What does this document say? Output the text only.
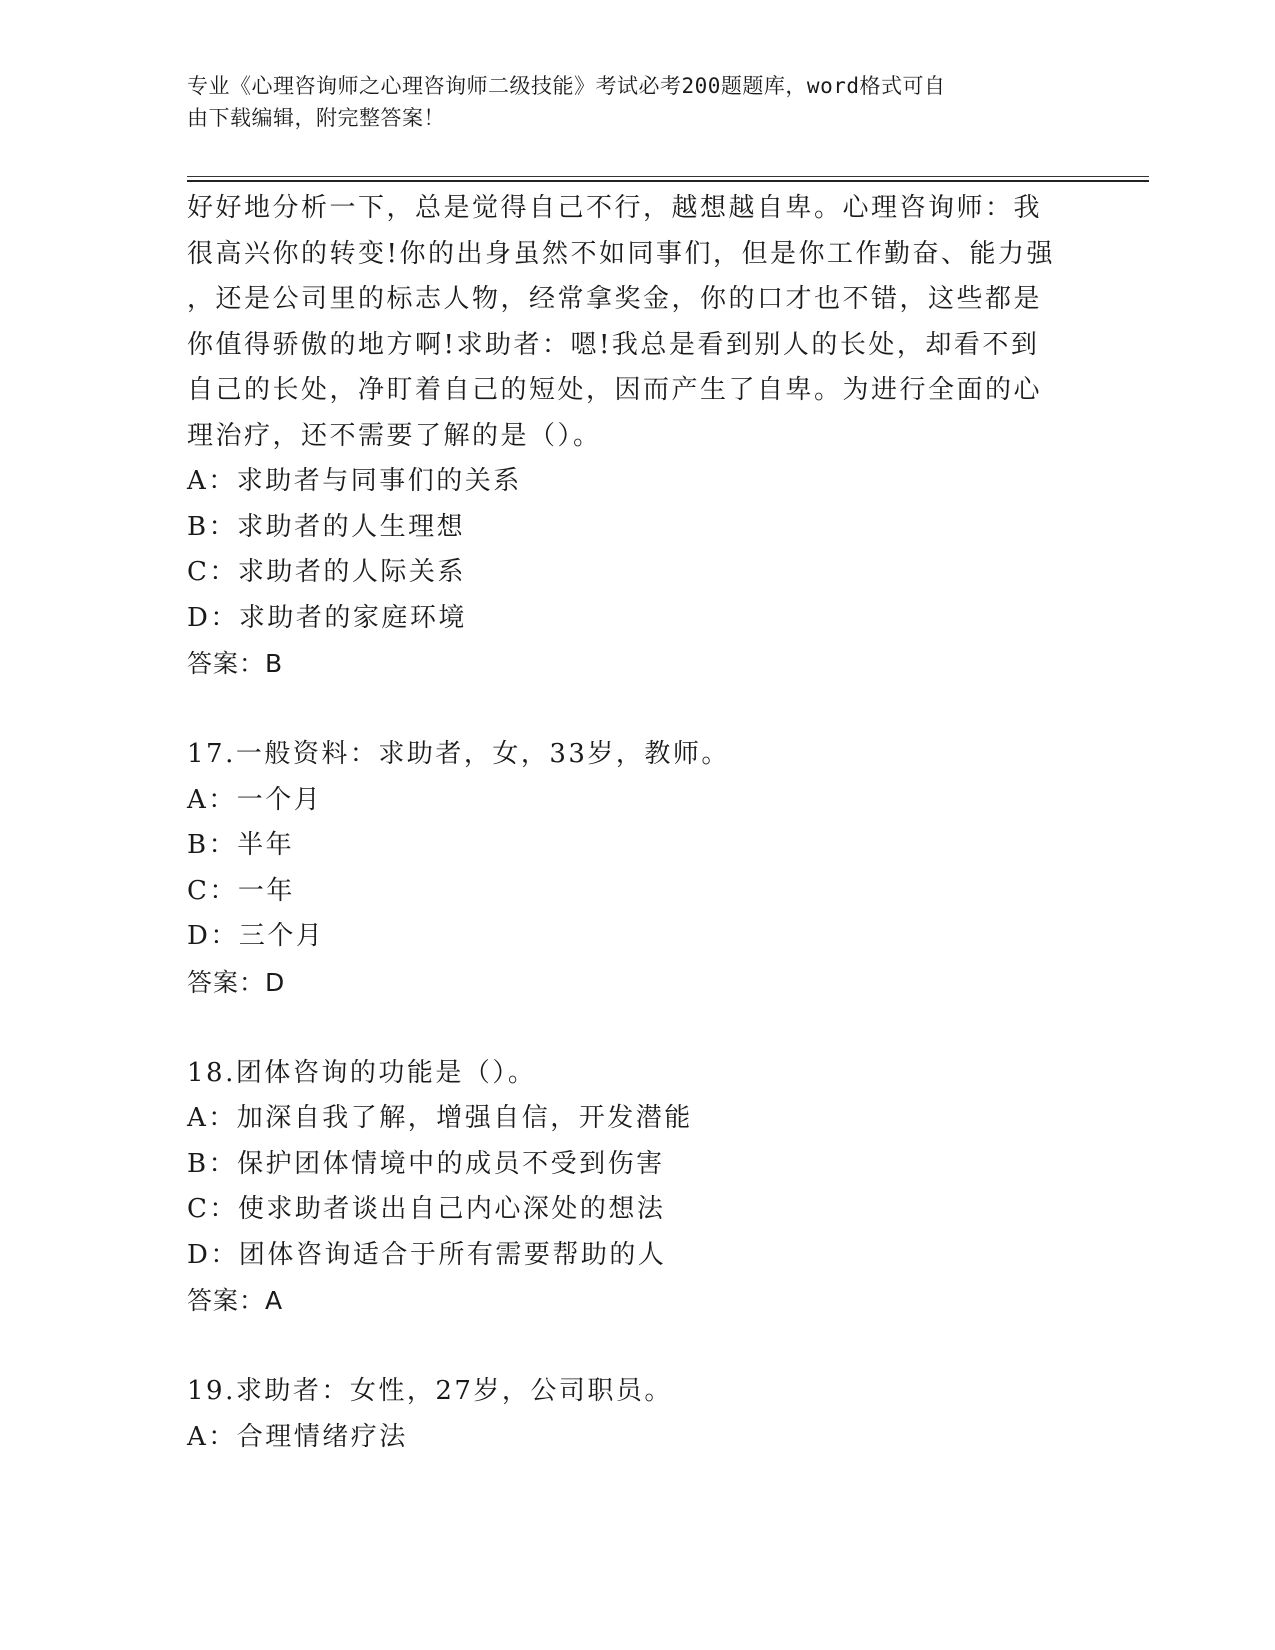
专业《心理咨询师之心理咨询师二级技能》考试必考200题题库，word格式可自
由下载编辑，附完整答案！
好好地分析一下，总是觉得自己不行，越想越自卑。心理咨询师：我
很高兴你的转变!你的出身虽然不如同事们，但是你工作勤奋、能力强
，还是公司里的标志人物，经常拿奖金，你的口才也不错，这些都是
你值得骄傲的地方啊!求助者：嗯!我总是看到别人的长处，却看不到
自己的长处，净盯着自己的短处，因而产生了自卑。为进行全面的心
理治疗，还不需要了解的是（）。
A：求助者与同事们的关系
B：求助者的人生理想
C：求助者的人际关系
D：求助者的家庭环境
答案：B
17.一般资料：求助者，女，33岁，教师。
A：一个月
B：半年
C：一年
D：三个月
答案：D
18.团体咨询的功能是（）。
A：加深自我了解，增强自信，开发潜能
B：保护团体情境中的成员不受到伤害
C：使求助者谈出自己内心深处的想法
D：团体咨询适合于所有需要帮助的人
答案：A
19.求助者：女性，27岁，公司职员。
A：合理情绪疗法
